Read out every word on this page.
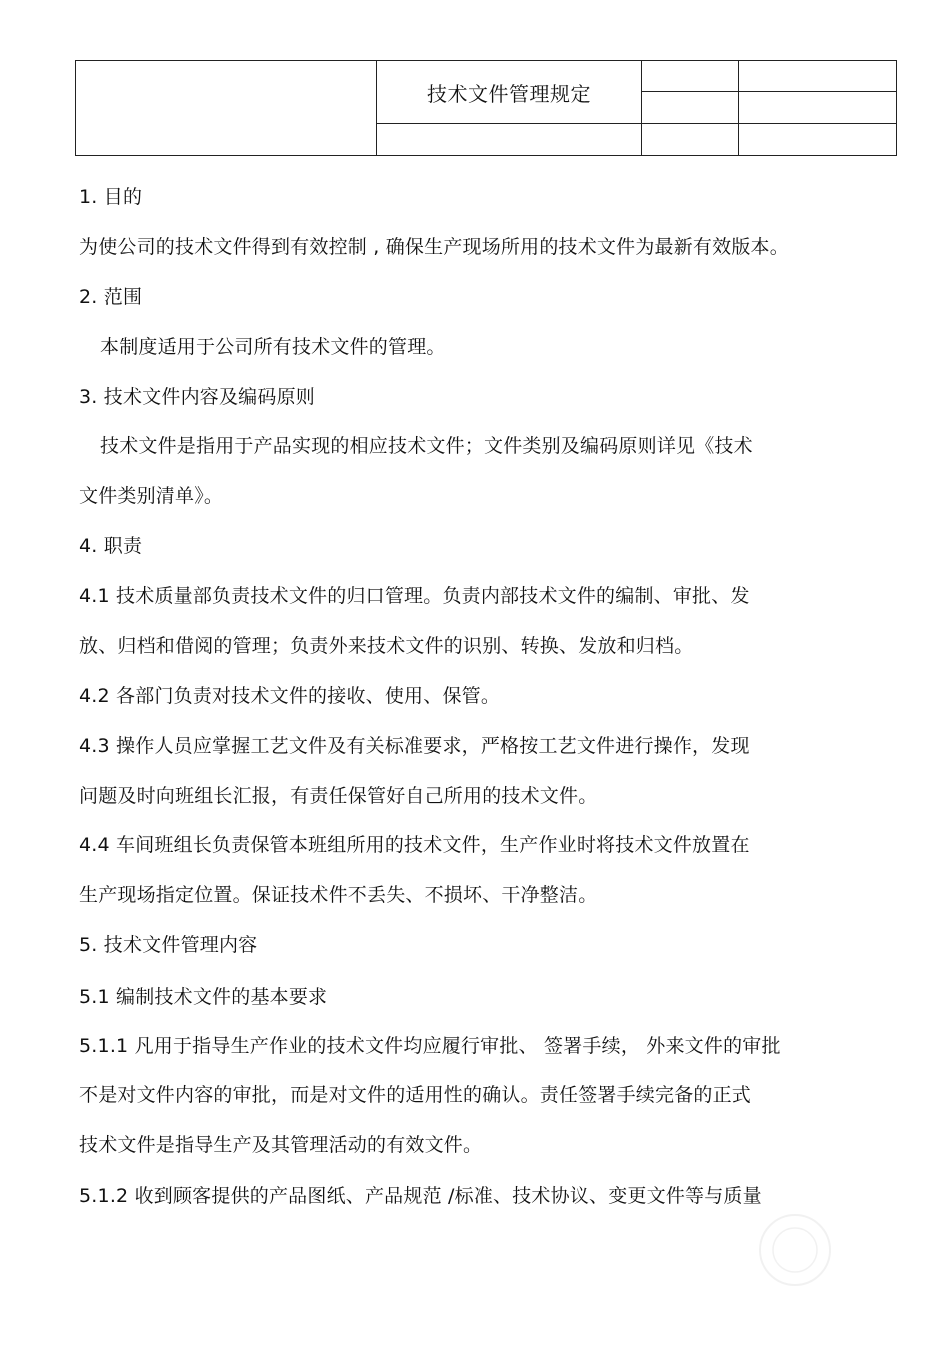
	技术文件管理规定		

1. 目的
为使公司的技术文件得到有效控制 , 确保生产现场所用的技术文件为最新有效版本。
2. 范围
本制度适用于公司所有技术文件的管理。
3. 技术文件内容及编码原则
技术文件是指用于产品实现的相应技术文件；文件类别及编码原则详见《技术
文件类别清单》。
4. 职责
4.1 技术质量部负责技术文件的归口管理。负责内部技术文件的编制、审批、发
放、归档和借阅的管理；负责外来技术文件的识别、转换、发放和归档。
4.2 各部门负责对技术文件的接收、使用、保管。
4.3 操作人员应掌握工艺文件及有关标准要求，严格按工艺文件进行操作，发现
问题及时向班组长汇报，有责任保管好自己所用的技术文件。
4.4 车间班组长负责保管本班组所用的技术文件，生产作业时将技术文件放置在
生产现场指定位置。保证技术件不丢失、不损坏、干净整洁。
5. 技术文件管理内容
5.1 编制技术文件的基本要求
5.1.1 凡用于指导生产作业的技术文件均应履行审批、 签署手续， 外来文件的审批
不是对文件内容的审批，而是对文件的适用性的确认。责任签署手续完备的正式
技术文件是指导生产及其管理活动的有效文件。
5.1.2 收到顾客提供的产品图纸、产品规范 /标准、技术协议、变更文件等与质量
